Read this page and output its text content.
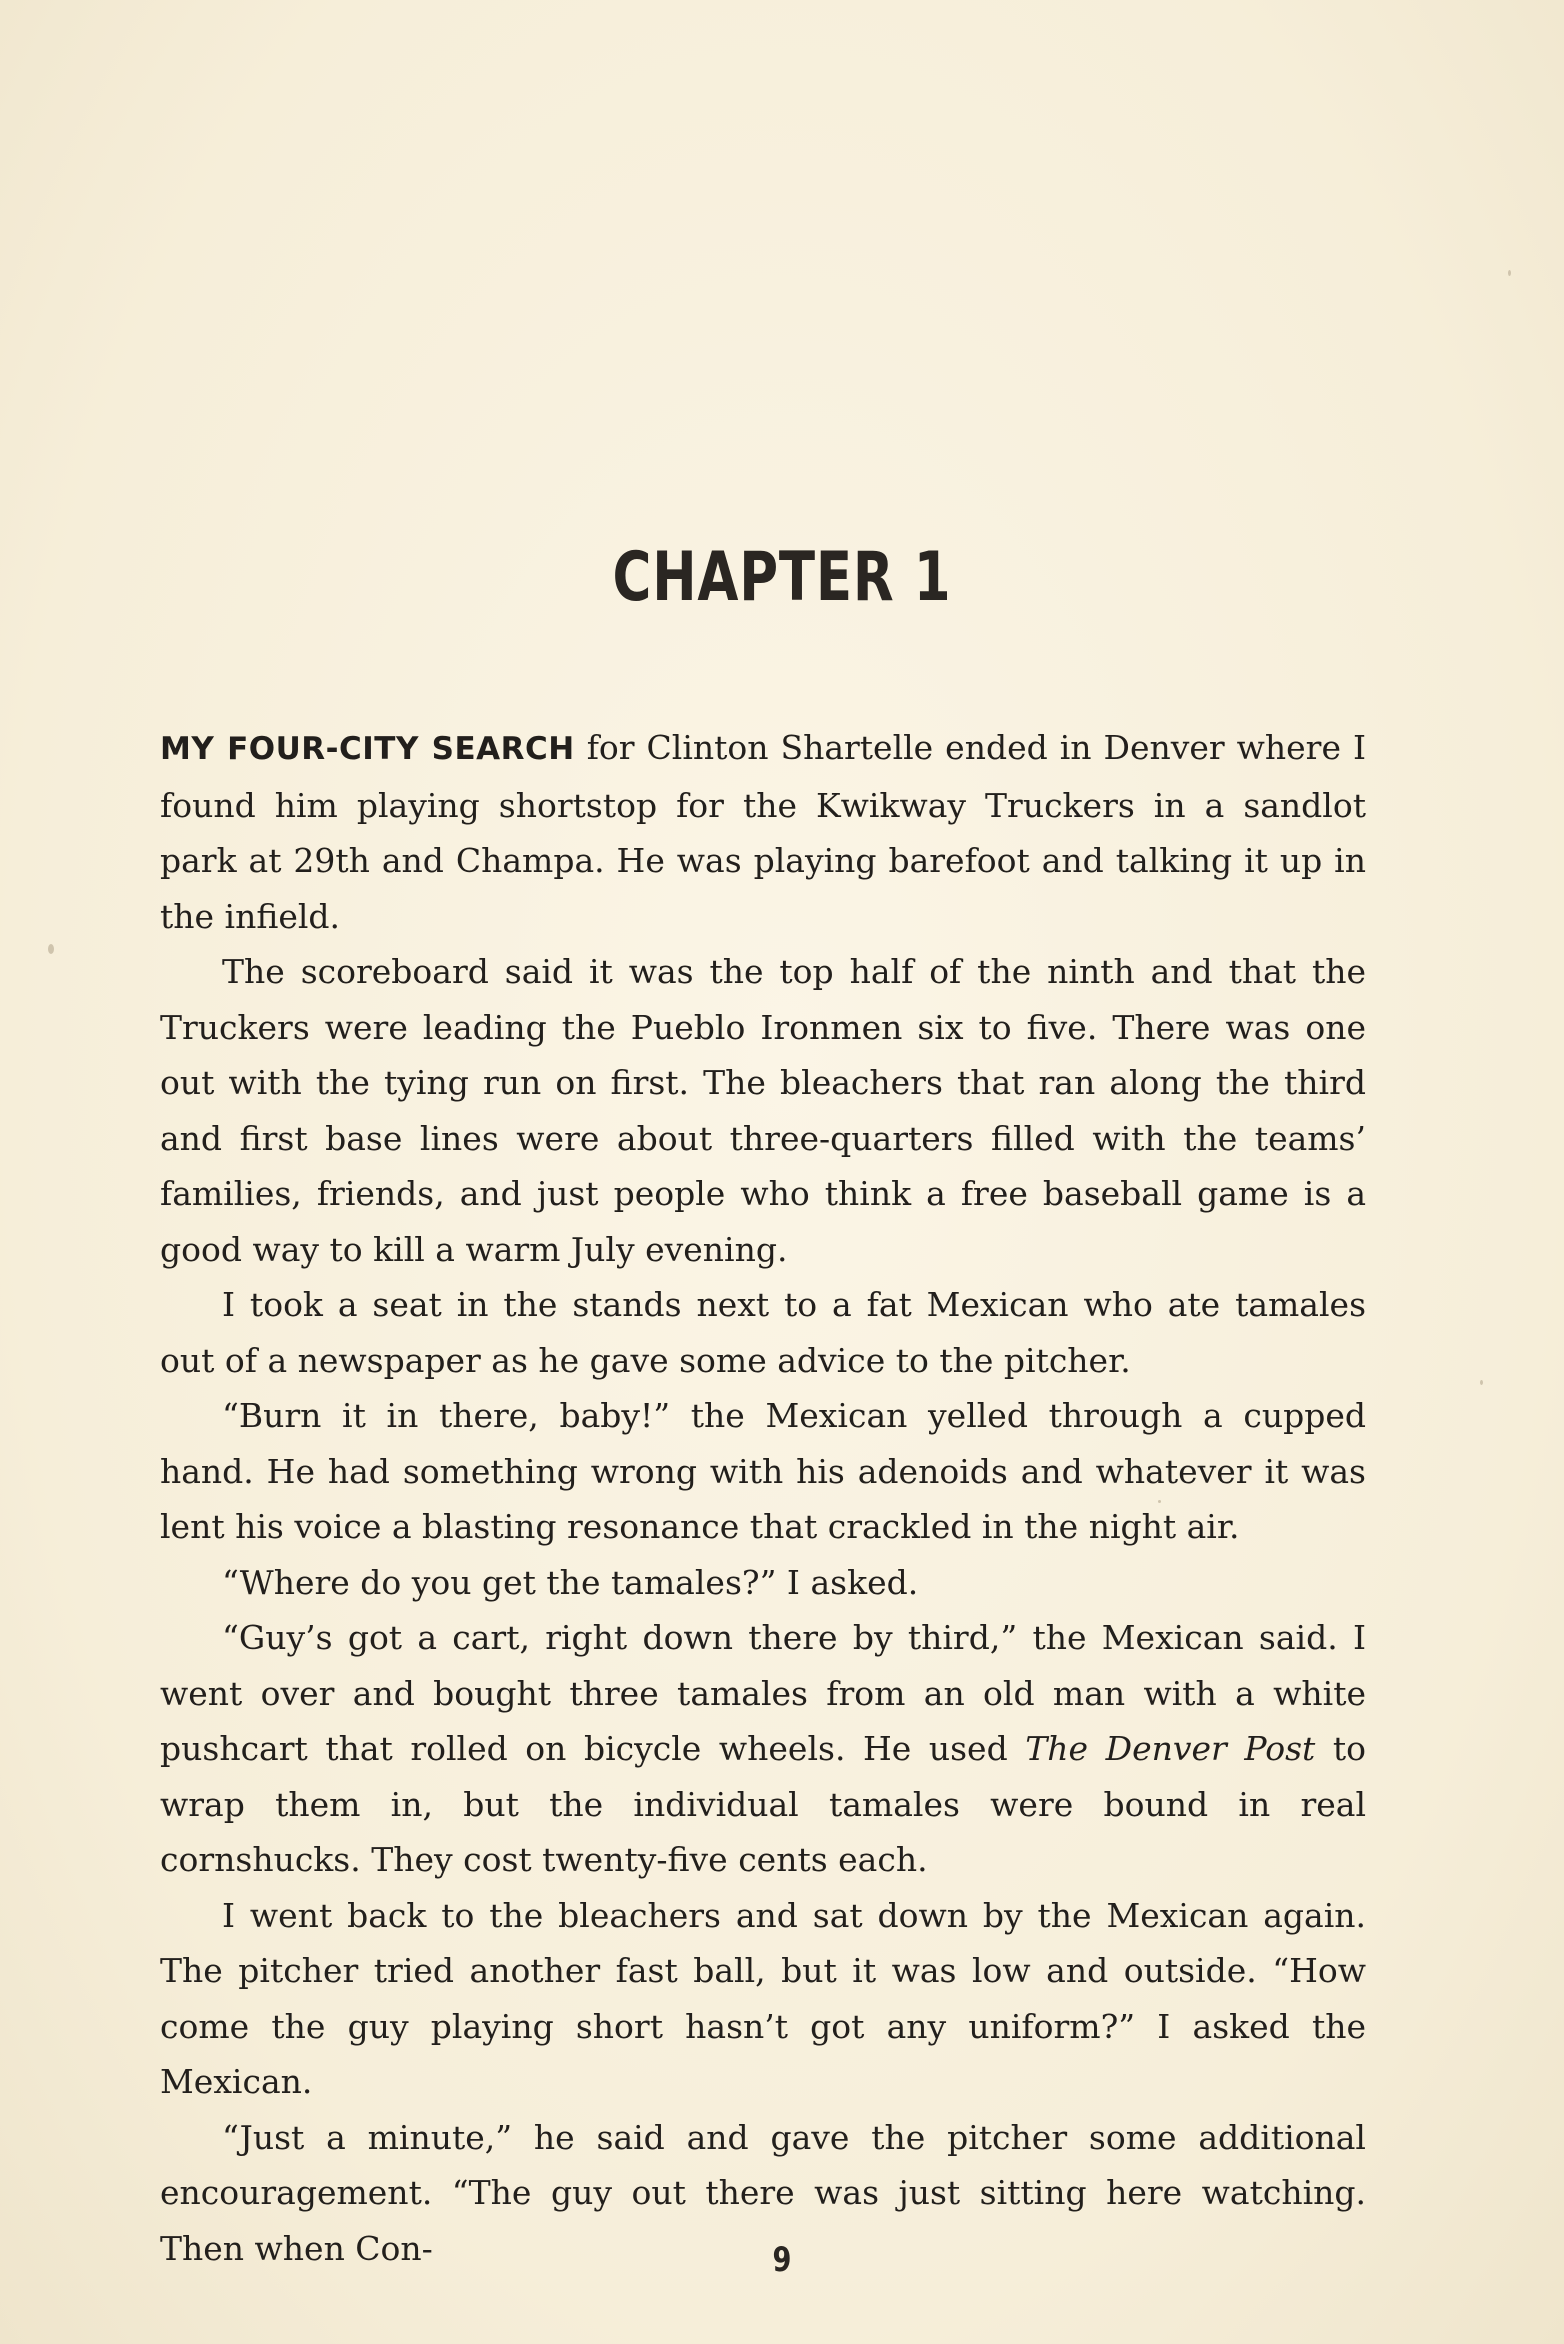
CHAPTER 1

MY FOUR-CITY SEARCH for Clinton Shartelle ended in Denver where I found him playing shortstop for the Kwikway Truckers in a sandlot park at 29th and Champa. He was playing barefoot and talking it up in the infield.

The scoreboard said it was the top half of the ninth and that the Truckers were leading the Pueblo Ironmen six to five. There was one out with the tying run on first. The bleachers that ran along the third and first base lines were about three-quarters filled with the teams’ families, friends, and just people who think a free baseball game is a good way to kill a warm July evening.

I took a seat in the stands next to a fat Mexican who ate tamales out of a newspaper as he gave some advice to the pitcher.

“Burn it in there, baby!” the Mexican yelled through a cupped hand. He had something wrong with his adenoids and whatever it was lent his voice a blasting resonance that crackled in the night air.

“Where do you get the tamales?” I asked.

“Guy’s got a cart, right down there by third,” the Mexican said. I went over and bought three tamales from an old man with a white pushcart that rolled on bicycle wheels. He used The Denver Post to wrap them in, but the individual tamales were bound in real cornshucks. They cost twenty-five cents each.

I went back to the bleachers and sat down by the Mexican again. The pitcher tried another fast ball, but it was low and outside. “How come the guy playing short hasn’t got any uniform?” I asked the Mexican.

“Just a minute,” he said and gave the pitcher some additional encouragement. “The guy out there was just sitting here watching. Then when Con-	9
